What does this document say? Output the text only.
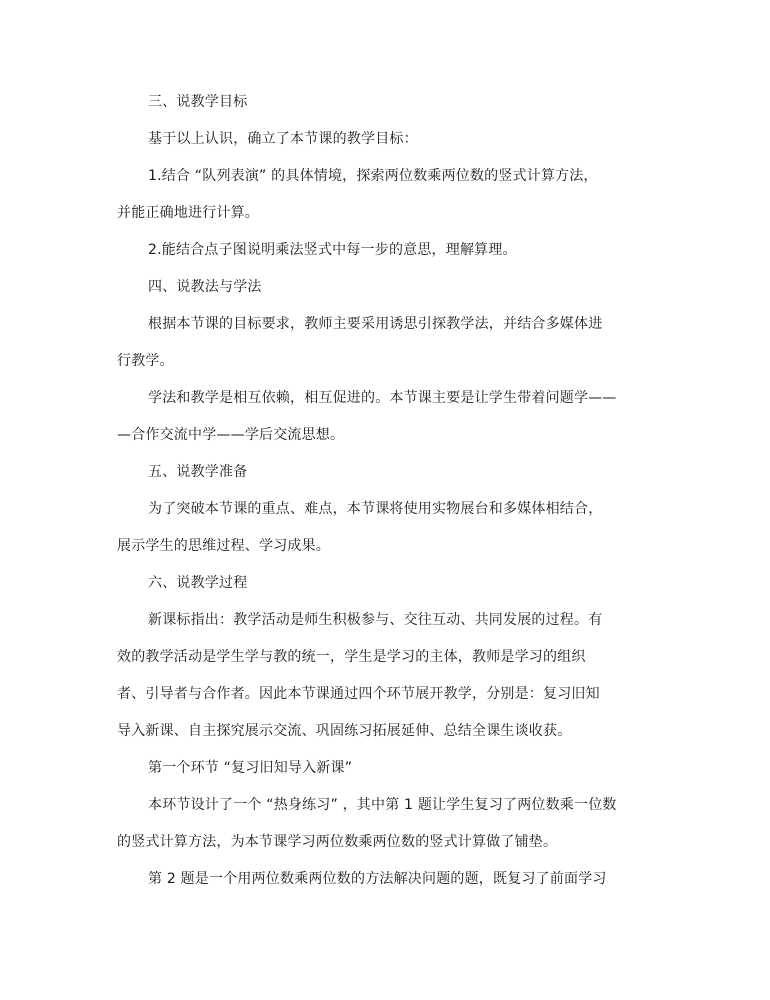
三、说教学目标
基于以上认识，确立了本节课的教学目标：
1.结合 “队列表演” 的具体情境，探索两位数乘两位数的竖式计算方法，
并能正确地进行计算。
2.能结合点子图说明乘法竖式中每一步的意思，理解算理。
四、说教法与学法
根据本节课的目标要求，教师主要采用诱思引探教学法，并结合多媒体进
行教学。
学法和教学是相互依赖，相互促进的。本节课主要是让学生带着问题学——
—合作交流中学——学后交流思想。
五、说教学准备
为了突破本节课的重点、难点，本节课将使用实物展台和多媒体相结合，
展示学生的思维过程、学习成果。
六、说教学过程
新课标指出：教学活动是师生积极参与、交往互动、共同发展的过程。有
效的教学活动是学生学与教的统一，学生是学习的主体，教师是学习的组织
者、引导者与合作者。因此本节课通过四个环节展开教学，分别是：复习旧知
导入新课、自主探究展示交流、巩固练习拓展延伸、总结全课生谈收获。
第一个环节 “复习旧知导入新课”
本环节设计了一个 “热身练习” ，其中第 1 题让学生复习了两位数乘一位数
的竖式计算方法，为本节课学习两位数乘两位数的竖式计算做了铺垫。
第 2 题是一个用两位数乘两位数的方法解决问题的题，既复习了前面学习
